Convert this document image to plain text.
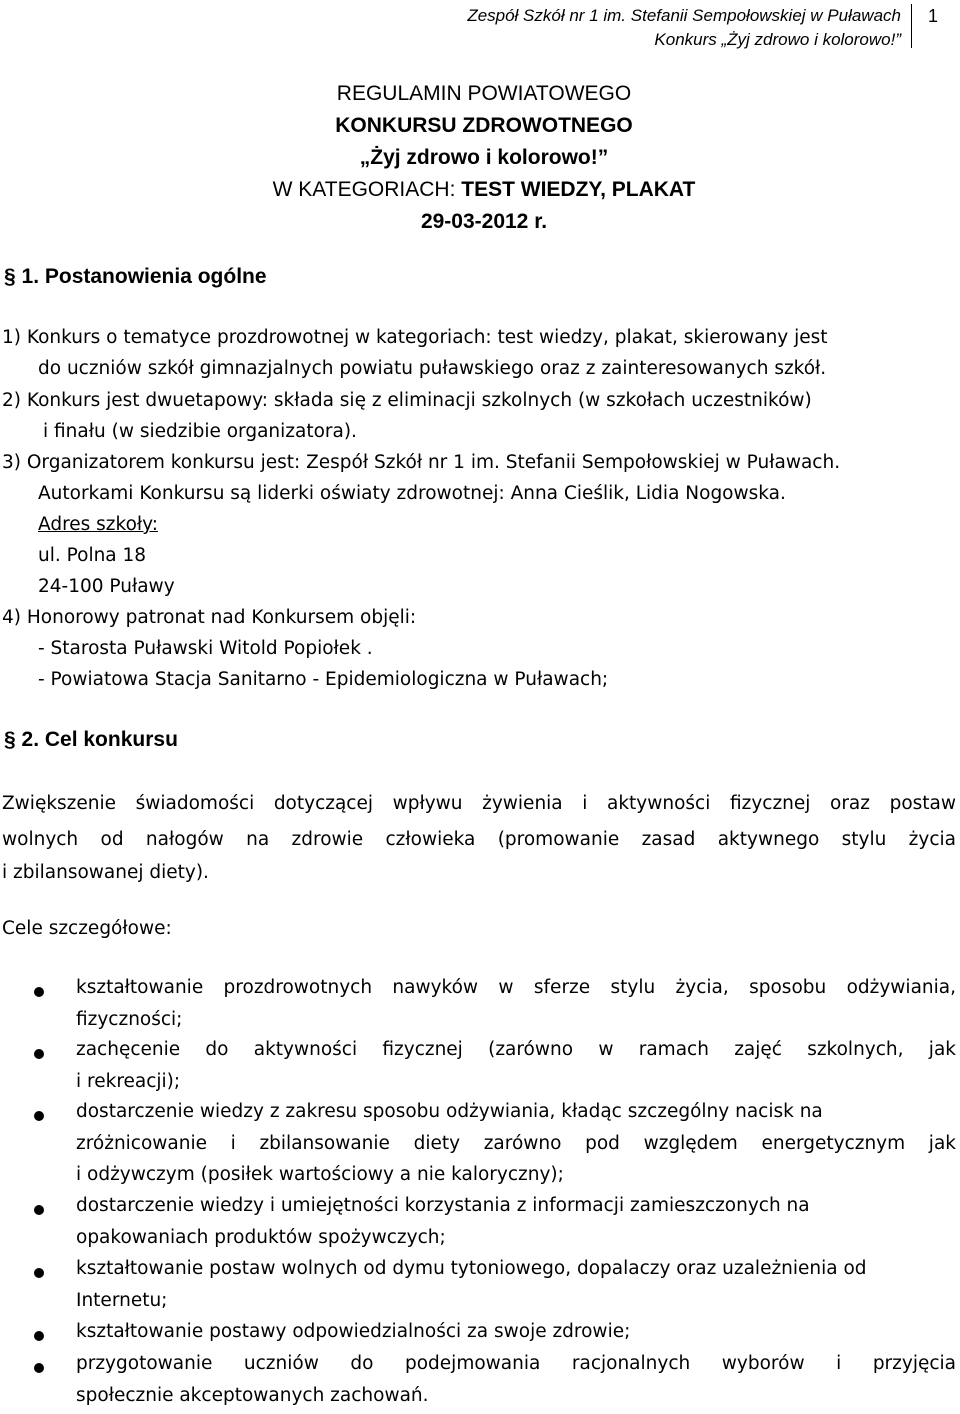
Zespół Szkół nr 1 im. Stefanii Sempołowskiej w Puławach
Konkurs „Żyj zdrowo i kolorowo!”
1
REGULAMIN POWIATOWEGO
KONKURSU ZDROWOTNEGO
„Żyj zdrowo i kolorowo!”
W KATEGORIACH: TEST WIEDZY, PLAKAT
29-03-2012 r.
§ 1. Postanowienia ogólne
1) Konkurs o tematyce prozdrowotnej w kategoriach: test wiedzy, plakat, skierowany jest
do uczniów szkół gimnazjalnych powiatu puławskiego oraz z zainteresowanych szkół.
2) Konkurs jest dwuetapowy: składa się z eliminacji szkolnych (w szkołach uczestników)
i finału (w siedzibie organizatora).
3) Organizatorem konkursu jest: Zespół Szkół nr 1 im. Stefanii Sempołowskiej w Puławach.
Autorkami Konkursu są liderki oświaty zdrowotnej: Anna Cieślik, Lidia Nogowska.
Adres szkoły:
ul. Polna 18
24-100 Puławy
4) Honorowy patronat nad Konkursem objęli:
- Starosta Puławski Witold Popiołek .
- Powiatowa Stacja Sanitarno - Epidemiologiczna w Puławach;
§ 2. Cel konkursu
Zwiększenie świadomości dotyczącej wpływu żywienia i aktywności fizycznej oraz postaw
wolnych od nałogów na zdrowie człowieka (promowanie zasad aktywnego stylu życia
i zbilansowanej diety).
Cele szczegółowe:
kształtowanie prozdrowotnych nawyków w sferze stylu życia, sposobu odżywiania,
fizyczności;
zachęcenie do aktywności fizycznej (zarówno w ramach zajęć szkolnych, jak
i rekreacji);
dostarczenie wiedzy z zakresu sposobu odżywiania, kładąc szczególny nacisk na
zróżnicowanie i zbilansowanie diety zarówno pod względem energetycznym jak
i odżywczym (posiłek wartościowy a nie kaloryczny);
dostarczenie wiedzy i umiejętności korzystania z informacji zamieszczonych na
opakowaniach produktów spożywczych;
kształtowanie postaw wolnych od dymu tytoniowego, dopalaczy oraz uzależnienia od
Internetu;
kształtowanie postawy odpowiedzialności za swoje zdrowie;
przygotowanie uczniów do podejmowania racjonalnych wyborów i przyjęcia
społecznie akceptowanych zachowań.
